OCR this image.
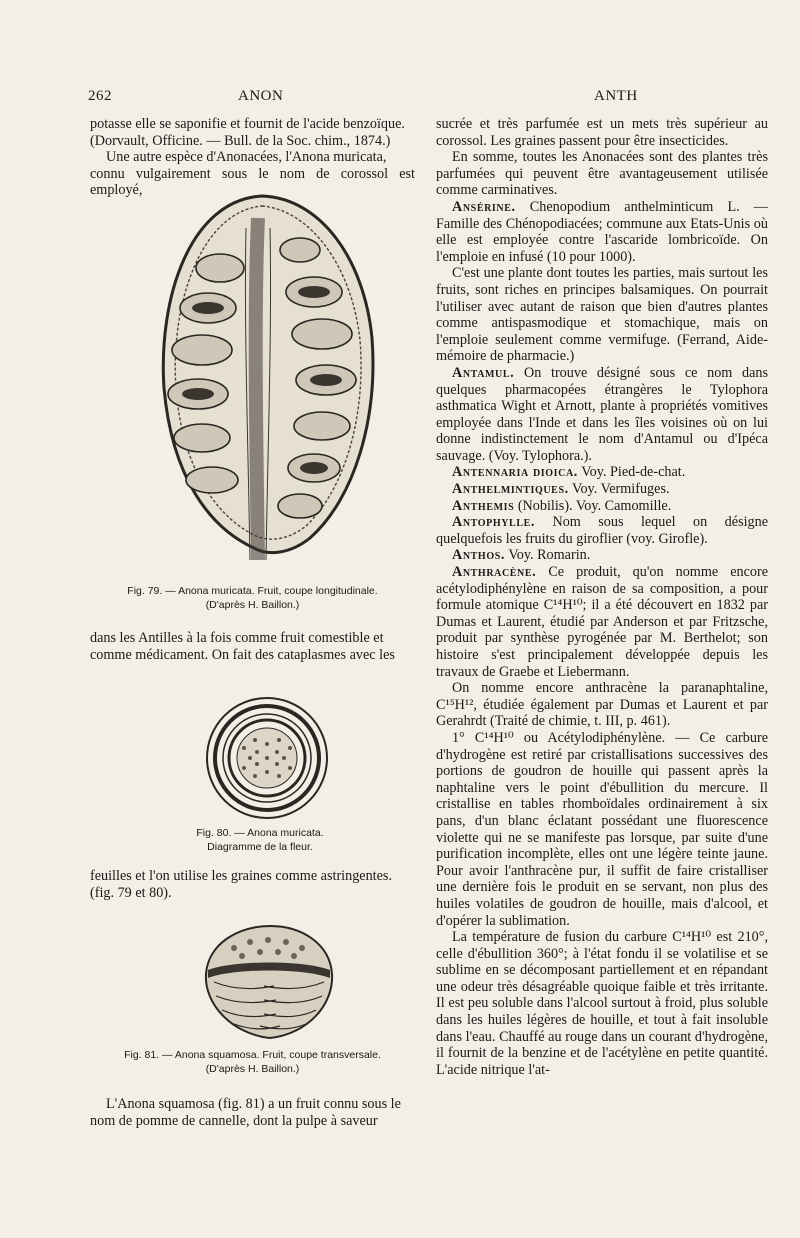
262	ANON	ANTH

potasse elle se saponifie et fournit de l'acide benzoïque.

(Dorvault, Officine. — Bull. de la Soc. chim., 1874.)

Une autre espèce d'Anonacées, l'Anona muricata,

connu vulgairement sous le nom de corossol est employé,

Fig. 79. — Anona muricata. Fruit, coupe longitudinale.
(D'après H. Baillon.)

dans les Antilles à la fois comme fruit comestible et

comme médicament. On fait des cataplasmes avec les

Fig. 80. — Anona muricata.
Diagramme de la fleur.

feuilles et l'on utilise les graines comme astringentes.

(fig. 79 et 80).

Fig. 81. — Anona squamosa. Fruit, coupe transversale.
(D'après H. Baillon.)

L'Anona squamosa (fig. 81) a un fruit connu sous le

nom de pomme de cannelle, dont la pulpe à saveur

sucrée et très parfumée est un mets très supérieur au corossol. Les graines passent pour être insecticides.

En somme, toutes les Anonacées sont des plantes très parfumées qui peuvent être avantageusement utilisée comme carminatives.

Ansérine. Chenopodium anthelminticum L. — Famille des Chénopodiacées; commune aux Etats-Unis où elle est employée contre l'ascaride lombricoïde. On l'emploie en infusé (10 pour 1000).

C'est une plante dont toutes les parties, mais surtout les fruits, sont riches en principes balsamiques. On pourrait l'utiliser avec autant de raison que bien d'autres plantes comme antispasmodique et stomachique, mais on l'emploie seulement comme vermifuge. (Ferrand, Aide-mémoire de pharmacie.)

Antamul. On trouve désigné sous ce nom dans quelques pharmacopées étrangères le Tylophora asthmatica Wight et Arnott, plante à propriétés vomitives employée dans l'Inde et dans les îles voisines où on lui donne indistinctement le nom d'Antamul ou d'Ipéca sauvage. (Voy. Tylophora.).

Antennaria dioica. Voy. Pied-de-chat.

Anthelmintiques. Voy. Vermifuges.

Anthemis (Nobilis). Voy. Camomille.

Antophylle. Nom sous lequel on désigne quelquefois les fruits du giroflier (voy. Girofle).

Anthos. Voy. Romarin.

Anthracène. Ce produit, qu'on nomme encore acétylodiphénylène en raison de sa composition, a pour formule atomique C¹⁴H¹⁰; il a été découvert en 1832 par Dumas et Laurent, étudié par Anderson et par Fritzsche, produit par synthèse pyrogénée par M. Berthelot; son histoire s'est principalement développée depuis les travaux de Graebe et Liebermann.

On nomme encore anthracène la paranaphtaline, C¹⁵H¹², étudiée également par Dumas et Laurent et par Gerahrdt (Traité de chimie, t. III, p. 461).

1° C¹⁴H¹⁰ ou Acétylodiphénylène. — Ce carbure d'hydrogène est retiré par cristallisations successives des portions de goudron de houille qui passent après la naphtaline vers le point d'ébullition du mercure. Il cristallise en tables rhomboïdales ordinairement à six pans, d'un blanc éclatant possédant une fluorescence violette qui ne se manifeste pas lorsque, par suite d'une purification incomplète, elles ont une légère teinte jaune. Pour avoir l'anthracène pur, il suffit de faire cristalliser une dernière fois le produit en se servant, non plus des huiles volatiles de goudron de houille, mais d'alcool, et d'opérer la sublimation.

La température de fusion du carbure C¹⁴H¹⁰ est 210°, celle d'ébullition 360°; à l'état fondu il se volatilise et se sublime en se décomposant partiellement et en répandant une odeur très désagréable quoique faible et très irritante. Il est peu soluble dans l'alcool surtout à froid, plus soluble dans les huiles légères de houille, et tout à fait insoluble dans l'eau. Chauffé au rouge dans un courant d'hydrogène, il fournit de la benzine et de l'acétylène en petite quantité. L'acide nitrique l'at-
